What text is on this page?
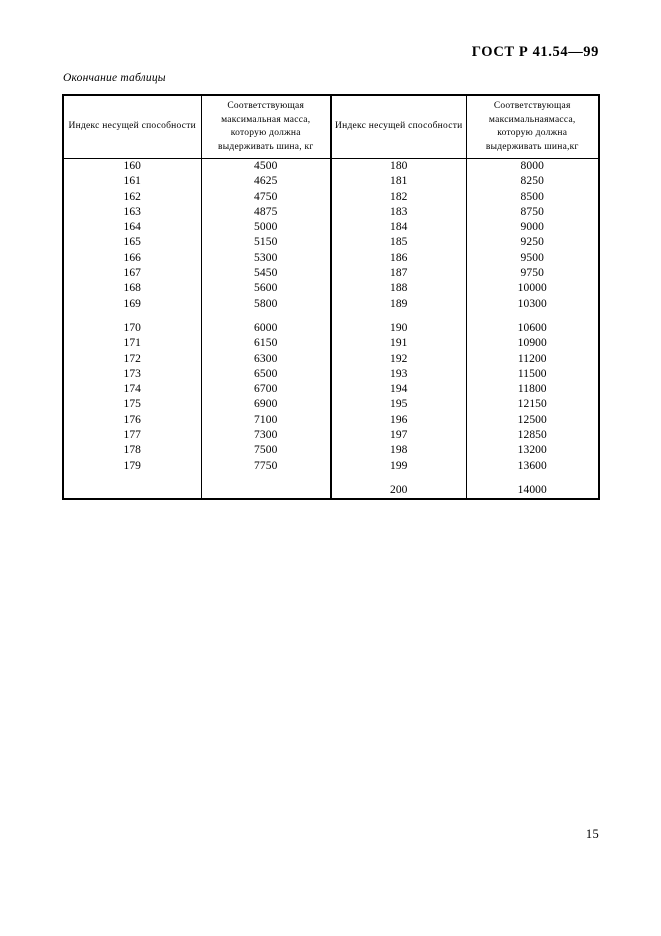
ГОСТ Р 41.54—99
Окончание таблицы
Индекс несущей способности	Соответствующая
максимальная масса,
которую должна
выдерживать шина, кг	Индекс несущей способности	Соответствующая
максимальнаямасса,
которую должна
выдерживать шина,кг

160	4500	180	8000
161	4625	181	8250
162	4750	182	8500
163	4875	183	8750
164	5000	184	9000
165	5150	185	9250
166	5300	186	9500
167	5450	187	9750
168	5600	188	10000
169	5800	189	10300

170	6000	190	10600
171	6150	191	10900
172	6300	192	11200
173	6500	193	11500
174	6700	194	11800
175	6900	195	12150
176	7100	196	12500
177	7300	197	12850
178	7500	198	13200
179	7750	199	13600

		200	14000
15
